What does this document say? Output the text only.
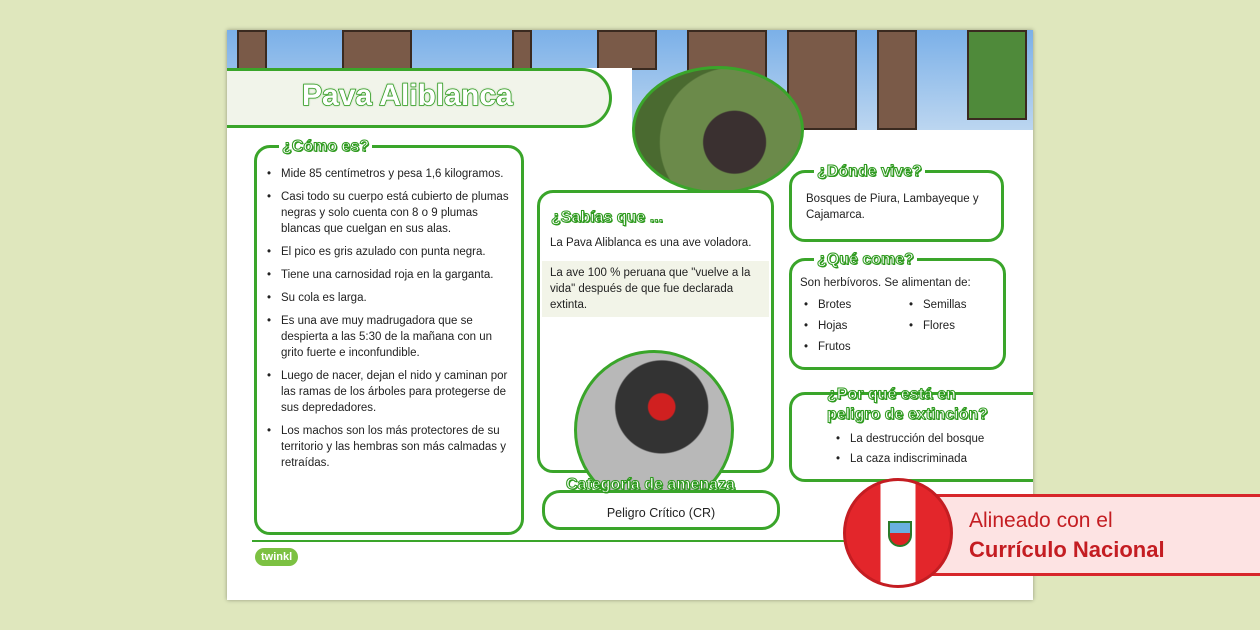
Pava Aliblanca
¿Cómo es?
• Mide 85 centímetros y pesa 1,6 kilogramos.
• Casi todo su cuerpo está cubierto de plumas negras y solo cuenta con 8 o 9 plumas blancas que cuelgan en sus alas.
• El pico es gris azulado con punta negra.
• Tiene una carnosidad roja en la garganta.
• Su cola es larga.
• Es una ave muy madrugadora que se despierta a las 5:30 de la mañana con un grito fuerte e inconfundible.
• Luego de nacer, dejan el nido y caminan por las ramas de los árboles para protegerse de sus depredadores.
• Los machos son los más protectores de su territorio y las hembras son más calmadas y retraídas.
¿Sabías que ...

La Pava Aliblanca es una ave voladora.

La ave 100 % peruana que "vuelve a la vida" después de que fue declarada extinta.

Categoría de amenaza
Peligro Crítico (CR)
¿Dónde vive?

Bosques de Piura, Lambayeque y Cajamarca.

¿Qué come?

Son herbívoros. Se alimentan de:

• Brotes	• Semillas
• Hojas	• Flores
• Frutos
¿Por qué está en peligro de extinción?
• La destrucción del bosque
• La caza indiscriminada
twinkl
Alineado con el
Currículo Nacional
